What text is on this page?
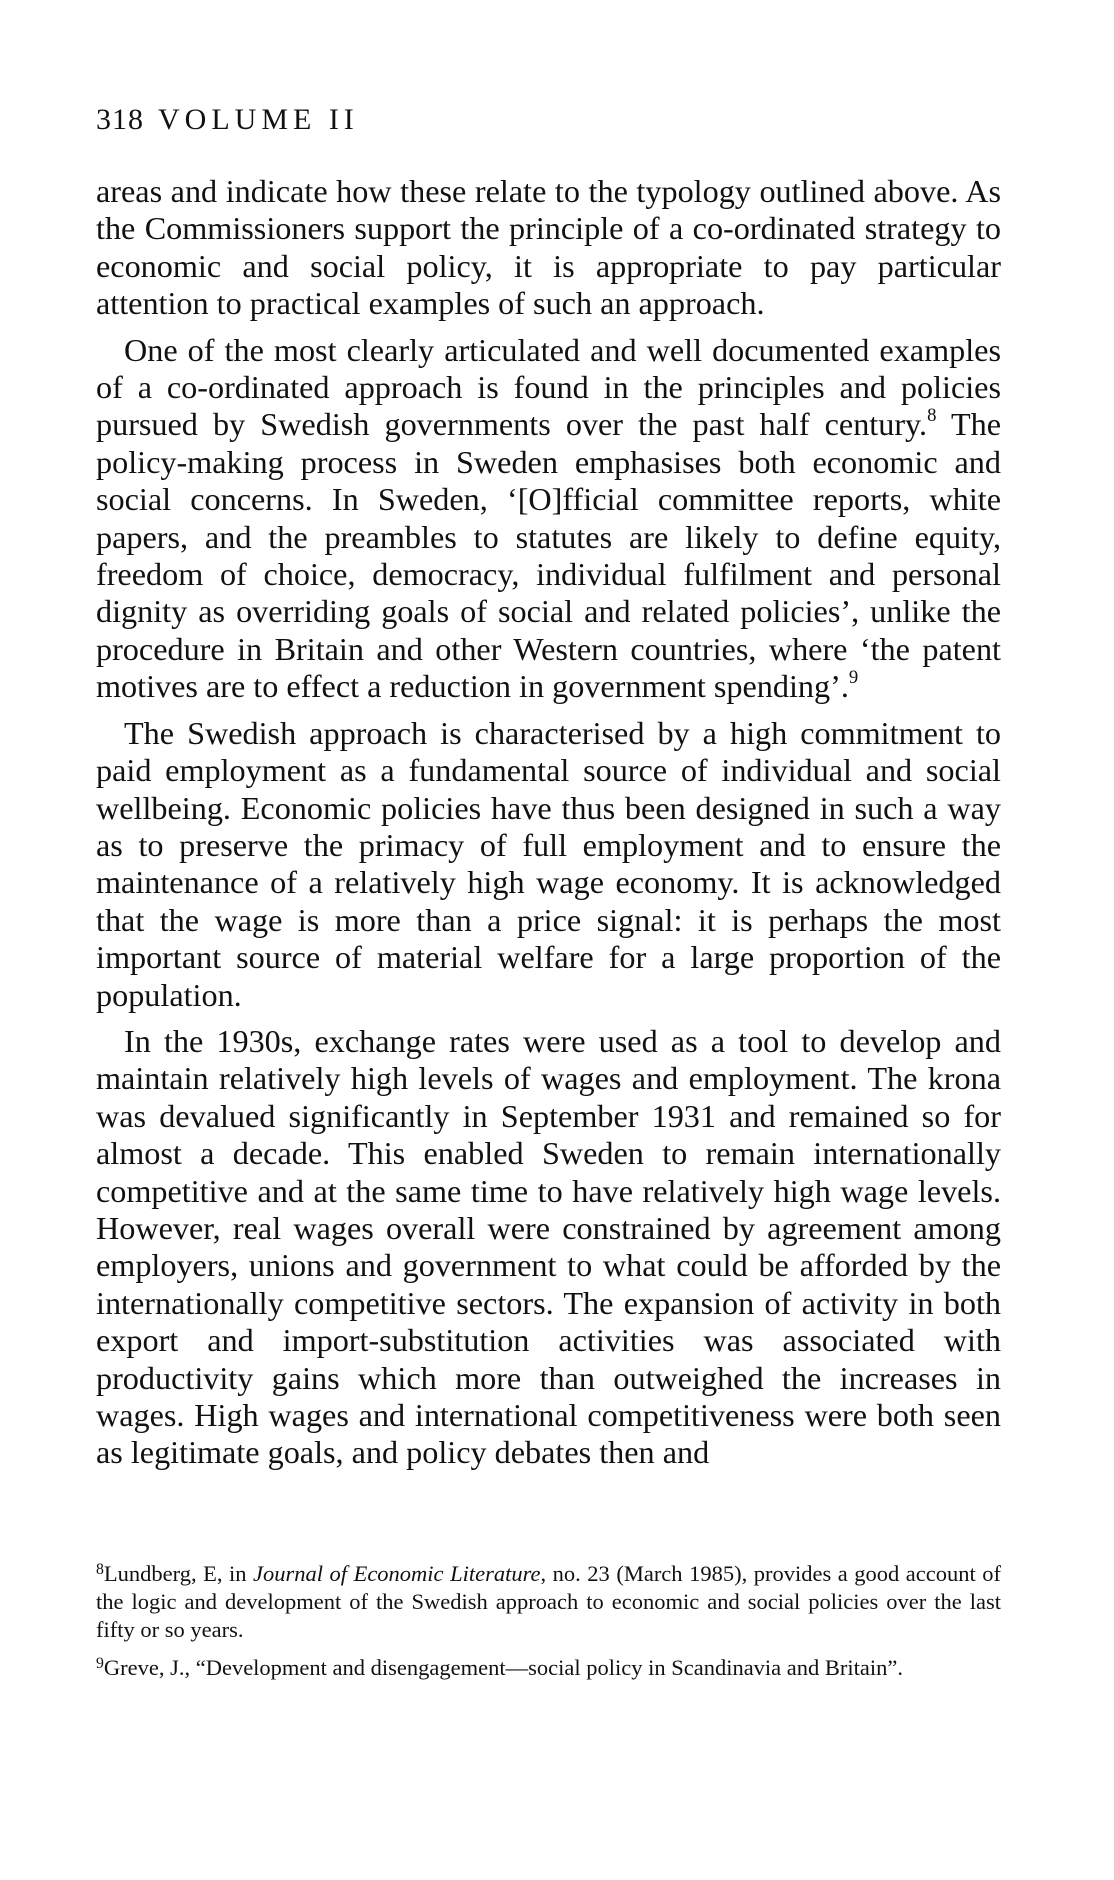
318 VOLUME II

areas and indicate how these relate to the typology outlined above. As the Commissioners support the principle of a co-ordinated strategy to economic and social policy, it is appropriate to pay particular attention to practical examples of such an approach.

One of the most clearly articulated and well documented examples of a co-ordinated approach is found in the principles and policies pursued by Swedish governments over the past half century.$^8$ The policy-making process in Sweden emphasises both economic and social concerns. In Sweden, ‘[O]fficial committee reports, white papers, and the preambles to statutes are likely to define equity, freedom of choice, democracy, individual fulfilment and personal dignity as overriding goals of social and related policies’, unlike the procedure in Britain and other Western countries, where ‘the patent motives are to effect a reduction in government spending’.$^9$

The Swedish approach is characterised by a high commitment to paid employment as a fundamental source of individual and social wellbeing. Economic policies have thus been designed in such a way as to preserve the primacy of full employment and to ensure the maintenance of a relatively high wage economy. It is acknowledged that the wage is more than a price signal: it is perhaps the most important source of material welfare for a large proportion of the population.

In the 1930s, exchange rates were used as a tool to develop and maintain relatively high levels of wages and employment. The krona was devalued significantly in September 1931 and remained so for almost a decade. This enabled Sweden to remain internationally competitive and at the same time to have relatively high wage levels. However, real wages overall were constrained by agreement among employers, unions and government to what could be afforded by the internationally competitive sectors. The expansion of activity in both export and import-substitution activities was associated with productivity gains which more than outweighed the increases in wages. High wages and international competitiveness were both seen as legitimate goals, and policy debates then and

$^8$Lundberg, E, in Journal of Economic Literature, no. 23 (March 1985), provides a good account of the logic and development of the Swedish approach to economic and social policies over the last fifty or so years.

$^9$Greve, J., “Development and disengagement—social policy in Scandinavia and Britain”.
